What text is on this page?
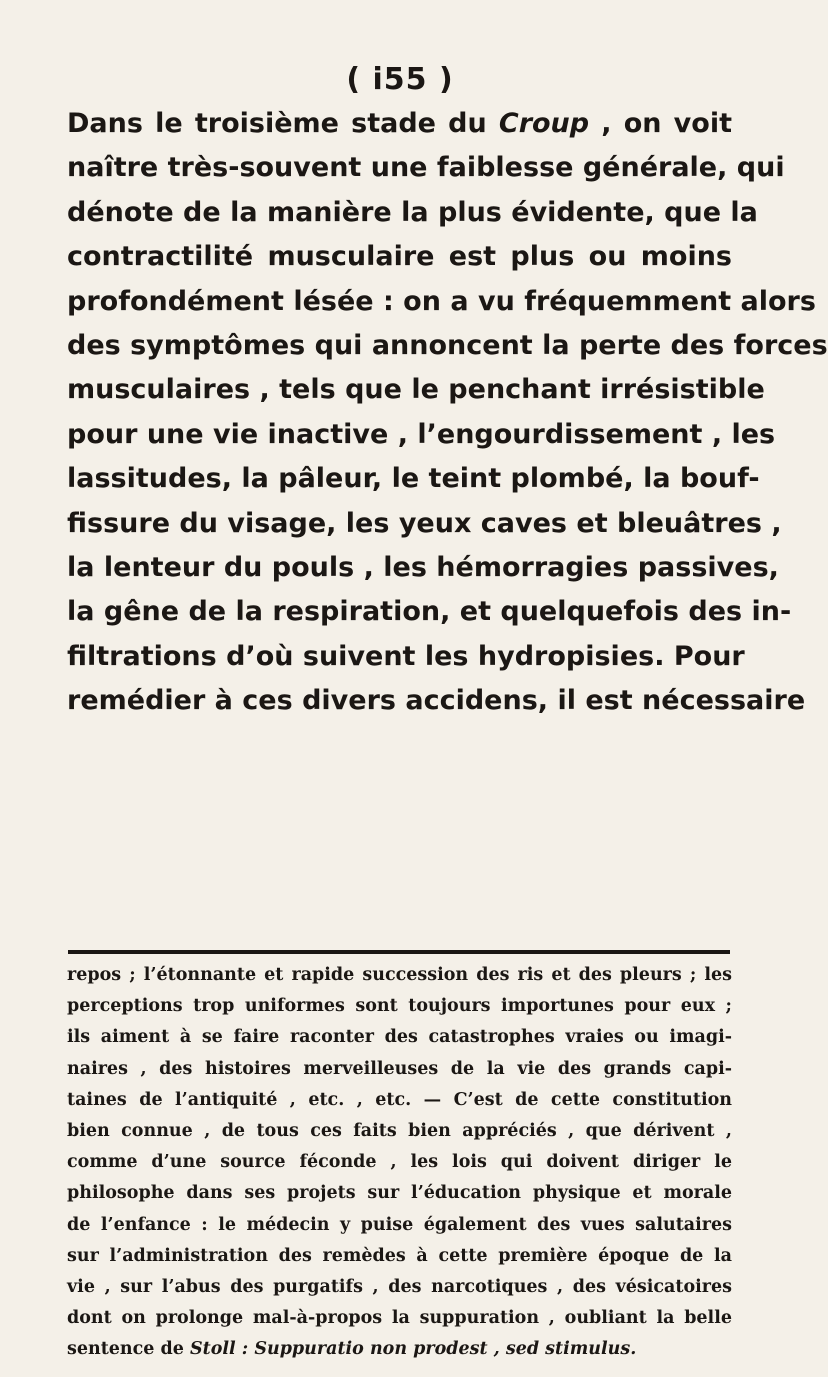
( i55 )
Dans le troisième stade du Croup , on voit
naître très-souvent une faiblesse générale, qui
dénote de la manière la plus évidente, que la
contractilité musculaire est plus ou moins
profondément lésée : on a vu fréquemment alors
des symptômes qui annoncent la perte des forces
musculaires , tels que le penchant irrésistible
pour une vie inactive , l’engourdissement , les
lassitudes, la pâleur, le teint plombé, la bouf-
fissure du visage, les yeux caves et bleuâtres ,
la lenteur du pouls , les hémorragies passives,
la gêne de la respiration, et quelquefois des in-
filtrations d’où suivent les hydropisies. Pour
remédier à ces divers accidens, il est nécessaire
repos ; l’étonnante et rapide succession des ris et des pleurs ; les
perceptions trop uniformes sont toujours importunes pour eux ;
ils aiment à se faire raconter des catastrophes vraies ou imagi-
naires , des histoires merveilleuses de la vie des grands capi-
taines de l’antiquité , etc. , etc. — C’est de cette constitution
bien connue , de tous ces faits bien appréciés , que dérivent ,
comme d’une source féconde , les lois qui doivent diriger le
philosophe dans ses projets sur l’éducation physique et morale
de l’enfance : le médecin y puise également des vues salutaires
sur l’administration des remèdes à cette première époque de la
vie , sur l’abus des purgatifs , des narcotiques , des vésicatoires
dont on prolonge mal-à-propos la suppuration , oubliant la belle
sentence de Stoll : Suppuratio non prodest , sed stimulus.
